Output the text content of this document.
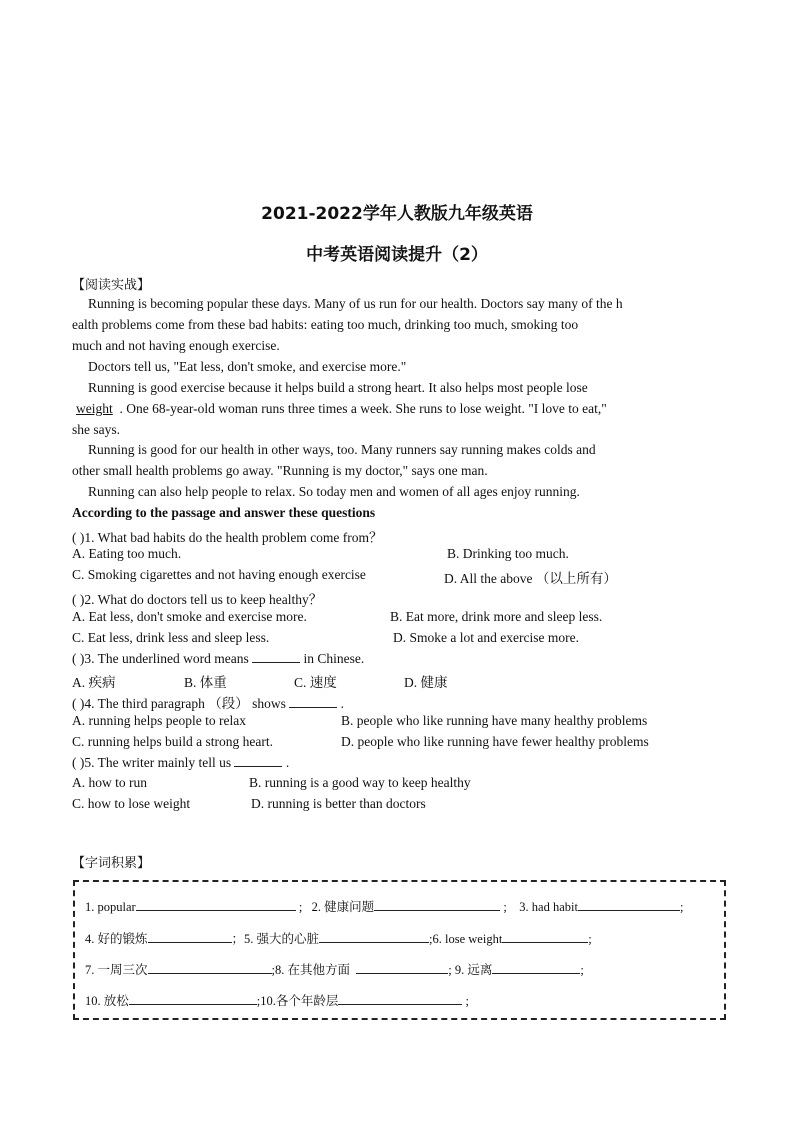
2021-2022学年人教版九年级英语
中考英语阅读提升（2）
【阅读实战】
Running is becoming popular these days. Many of us run for our health. Doctors say many of the h
ealth problems come from these bad habits: eating too much, drinking too much, smoking too
much and not having enough exercise.
Doctors tell us, "Eat less, don't smoke, and exercise more."
Running is good exercise because it helps build a strong heart. It also helps most people lose
weight . One 68-year-old woman runs three times a week. She runs to lose weight. "I love to eat,"
she says.
Running is good for our health in other ways, too. Many runners say running makes colds and
other small health problems go away. "Running is my doctor," says one man.
Running can also help people to relax. So today men and women of all ages enjoy running.
According to the passage and answer these questions
( )1. What bad habits do the health problem come from？
A. Eating too much.	B. Drinking too much.
C. Smoking cigarettes and not having enough exercise	D. All the above （以上所有）
( )2. What do doctors tell us to keep healthy？
A. Eat less, don't smoke and exercise more.	B. Eat more, drink more and sleep less.
C. Eat less, drink less and sleep less.	D. Smoke a lot and exercise more.
( )3. The underlined word means	in Chinese.
A. 疾病	B. 体重	C. 速度	D. 健康
( )4. The third paragraph （段） shows	.
A. running helps people to relax	B. people who like running have many healthy problems
C. running helps build a strong heart.	D. people who like running have fewer healthy problems
( )5. The writer mainly tell us	.
A. how to run	B. running is a good way to keep healthy
C. how to lose weight	D. running is better than doctors
【字词积累】
1. popular	; 2. 健康问题	; 3. had habit	;
4. 好的锻炼	；5. 强大的心脏	;6. lose weight	;
7. 一周三次	;8. 在其他方面	; 9. 远离	;
10. 放松	;10.各个年龄层	;
